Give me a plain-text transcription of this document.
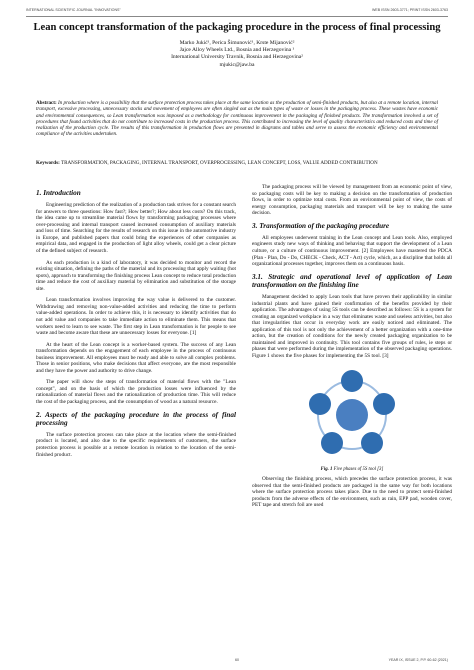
INTERNATIONAL SCIENTIFIC JOURNAL "INNOVATIONS"	WEB ISSN 2603-3771; PRINT ISSN 2603-3763
Lean concept transformation of the packaging procedure in the process of final processing
Marko Jukić¹, Perica Šimunović¹, Krste Mijanović²
Jajce Alloy Wheels Ltd., Bosnia and Herzegovina ¹
International University Travnik, Bosnia and Herzegovina²
mjukic@jaw.ba
Abstract: In production where is a possibility that the surface protection process takes place at the same location as the production of semi-finished products, but also at a remote location, internal transport, excessive processing, unnecessary stocks and movement of employees are often singled out as the main types of waste or losses in the packaging process. These wastes have economic and environmental consequences, so Lean transformation was imposed as a methodology for continuous improvement in the packaging of finished products. The transformation involved a set of procedures that found activities that do not contribute to increased costs in the production process. This contributed to increasing the level of quality characteristics and reduced costs and time of realization of the production cycle. The results of this transformation in production flows are presented in diagrams and tables and serve to assess the economic efficiency and environmental compliance of the activities undertaken.
Keywords: TRANSFORMATION, PACKAGING, INTERNAL TRANSPORT, OVERPROCESSING, LEAN CONCEPT, LOSS, VALUE ADDED CONTRIBUTION
1. Introduction

Engineering prediction of the realization of a production task strives for a constant search for answers to three questions: How fast?; How better?; How about less costs? On this track, the idea came up to streamline material flows by transforming packaging processes where over-processing and internal transport caused increased consumption of auxiliary materials and loss of time. Searching for the results of research on this issue in the automotive industry in Europe, and published papers that could bring the experiences of other companies as empirical data, and engaged in the production of light alloy wheels, could get a clear picture of the defined subject of research.

As each production is a kind of laboratory, it was decided to monitor and record the existing situation, defining the paths of the material and its processing that apply waiting (hot spots), approach to transforming the finishing process Lean concept to reduce total production time and reduce the cost of auxiliary material by elimination and substitution of the storage site.

Lean transformation involves improving the way value is delivered to the customer. Withdrawing and removing non-value-added activities and reducing the time to perform value-added operations. In order to achieve this, it is necessary to identify activities that do not add value and companies to take immediate action to eliminate them. This means that workers need to learn to see waste. The first step in Lean transformation is for people to see waste and become aware that these are unnecessary losses for everyone. [1]

At the heart of the Lean concept is a worker-based system. The success of any Lean transformation depends on the engagement of each employee in the process of continuous business improvement. All employees must be ready and able to solve all complex problems. Those in senior positions, who make decisions that affect everyone, are the most responsible and they have the power and authority to drive change.

The paper will show the steps of transformation of material flows with the "Lean concept", and on the basis of which the production losses were influenced by the rationalization of material flows and the rationalization of production time. This will reduce the cost of the packaging process, and the consumption of wood as a natural resource.

2. Aspects of the packaging procedure in the process of final processing

The surface protection process can take place at the location where the semi-finished product is located, and also due to the specific requirements of customers, the surface protection process is possible at a remote location in relation to the location of the semi-finished product.

The packaging process will be viewed by management from an economic point of view, so packaging costs will be key to making a decision on the transformation of production flows, in order to optimize total costs. From an environmental point of view, the costs of energy consumption, packaging materials and transport will be key to making the same decision.

3. Transformation of the packaging procedure

All employees underwent training in the Lean concept and Lean tools. Also, employed engineers study new ways of thinking and behaving that support the development of a Lean culture, or a culture of continuous improvement. [2] Employees have mastered the PDCA (Plan - Plan, Do - Do, CHECK - Check, ACT - Act) cycle, which, as a discipline that holds all organizational processes together, improves them on a continuous basis.

3.1. Strategic and operational level of application of Lean transformation on the finishing line

Management decided to apply Lean tools that have proven their applicability in similar industrial plants and have gained their confirmation of the benefits provided by their application. The advantages of using 5S tools can be described as follows: 5S is a system for creating an organized workplace in a way that eliminates waste and useless activities, but also that irregularities that occur in everyday work are easily noticed and eliminated. The application of this tool is not only the achievement of a better organization with a one-time action, but the creation of conditions for the newly created packaging organization to be maintained and improved in continuity. This tool contains five groups of rules, ie steps or phases that were performed during the implementation of the observed packaging operations. Figure 1 shows the five phases for implementing the 5S tool. [3]

Fig. 1 Five phases of 5S tool [3]

Observing the finishing process, which precedes the surface protection process, it was observed that the semi-finished products are packaged in the same way for both locations where the surface protection process takes place. Due to the need to protect semi-finished products from the adverse effects of the environment, such as rain, EPP pad, wooden cover, PET tape and stretch foil are used

60	YEAR IX, ISSUE 2, P.P. 60-62 (2021)
